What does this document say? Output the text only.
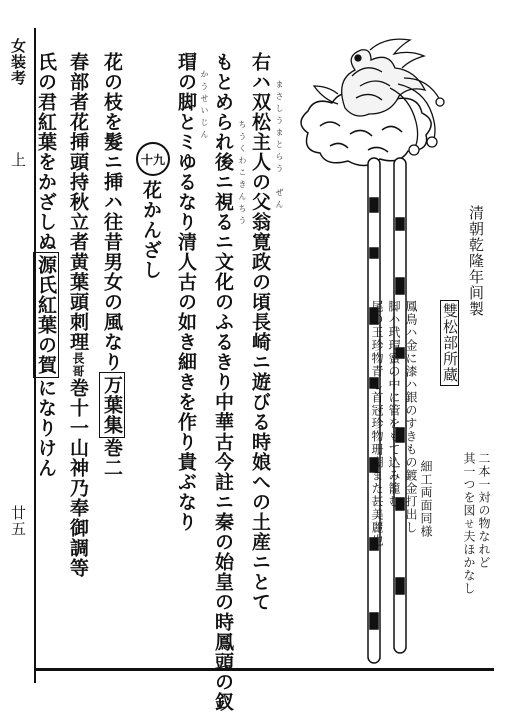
女装考
上
廿五	鳳鳥ハ金に漆ハ銀のすきもの鍍金打出し
脚ハ玳瑁蜜の中に管をもて込み籠む
尾の玉珍物青し首冠珍物珊瑚また甚美麗也
清朝乾隆年间製
雙松部所蔵
細工両面同様	二本一対の物なれど
其一つを図ㄝ夫ほかなし
まさしうまとらう　ぜん
ちうくわこきんちう
かうせいじん 右ハ双松主人の父翁寛政の頃長崎ニ遊びる時娘への土産ニとて
もとめられ後ニ視るニ文化のふるきり中華古今註ニ秦の始皇の時鳳頭の釵
瑁の脚とミゆるなり清人古の如き細きを作り貴ぶなり
十九
花かんざし
花の枝を髮ニ挿ハ往昔男女の風なり万葉集巻二
春部者花挿頭持秋立者黄葉頭刺理長哥巻十一山神乃奉御調等
氏の君紅葉をかざしぬ源氏紅葉の賀になりけん
